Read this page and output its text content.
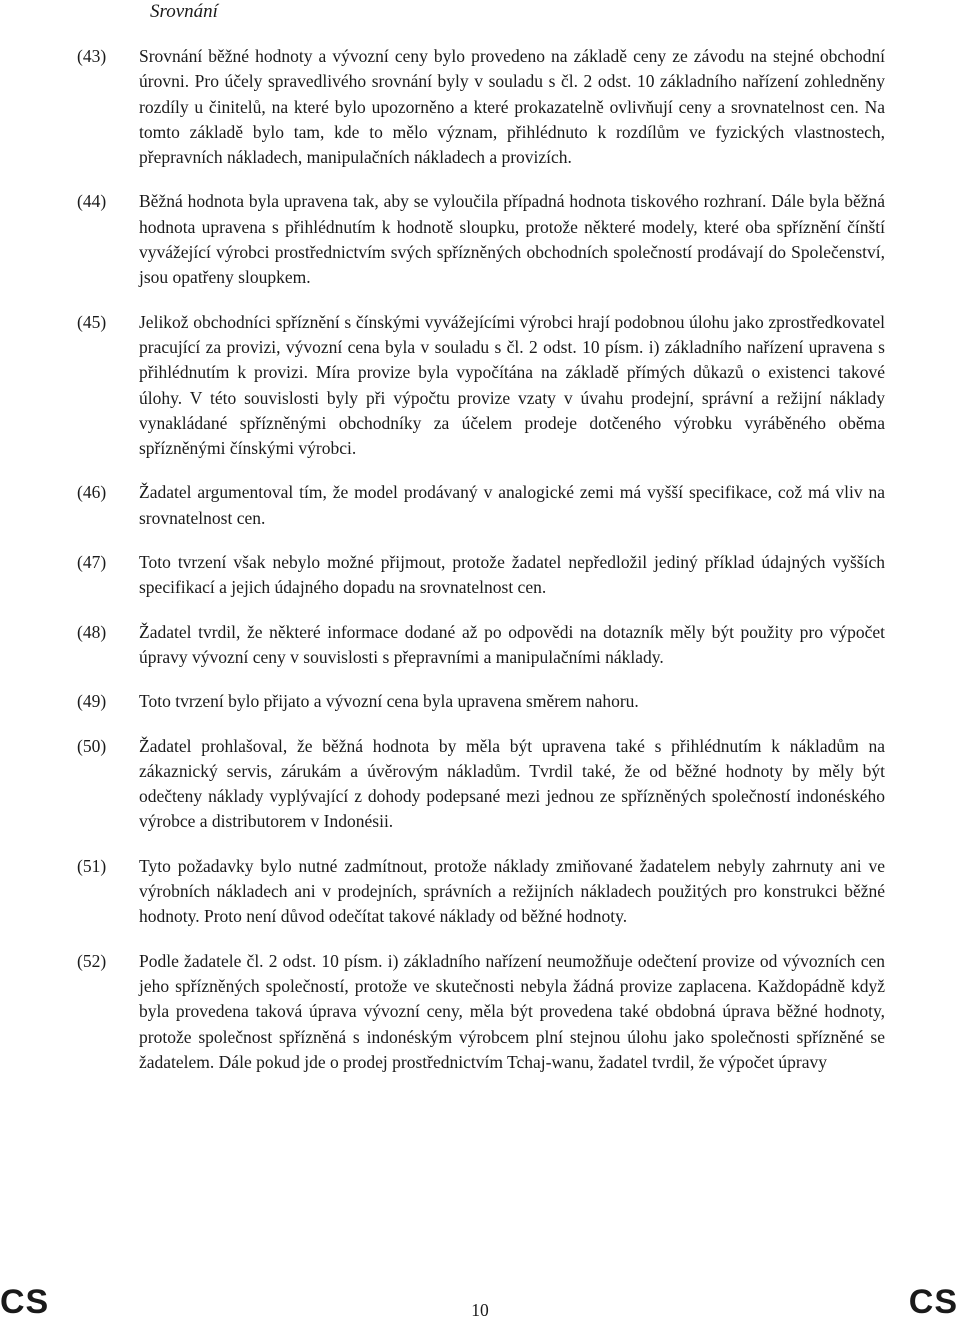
Srovnání
(43) Srovnání běžné hodnoty a vývozní ceny bylo provedeno na základě ceny ze závodu na stejné obchodní úrovni. Pro účely spravedlivého srovnání byly v souladu s čl. 2 odst. 10 základního nařízení zohledněny rozdíly u činitelů, na které bylo upozorněno a které prokazatelně ovlivňují ceny a srovnatelnost cen. Na tomto základě bylo tam, kde to mělo význam, přihlédnuto k rozdílům ve fyzických vlastnostech, přepravních nákladech, manipulačních nákladech a provizích.
(44) Běžná hodnota byla upravena tak, aby se vyloučila případná hodnota tiskového rozhraní. Dále byla běžná hodnota upravena s přihlédnutím k hodnotě sloupku, protože některé modely, které oba spříznění čínští vyvážející výrobci prostřednictvím svých spřízněných obchodních společností prodávají do Společenství, jsou opatřeny sloupkem.
(45) Jelikož obchodníci spříznění s čínskými vyvážejícími výrobci hrají podobnou úlohu jako zprostředkovatel pracující za provizi, vývozní cena byla v souladu s čl. 2 odst. 10 písm. i) základního nařízení upravena s přihlédnutím k provizi. Míra provize byla vypočítána na základě přímých důkazů o existenci takové úlohy. V této souvislosti byly při výpočtu provize vzaty v úvahu prodejní, správní a režijní náklady vynakládané spřízněnými obchodníky za účelem prodeje dotčeného výrobku vyráběného oběma spřízněnými čínskými výrobci.
(46) Žadatel argumentoval tím, že model prodávaný v analogické zemi má vyšší specifikace, což má vliv na srovnatelnost cen.
(47) Toto tvrzení však nebylo možné přijmout, protože žadatel nepředložil jediný příklad údajných vyšších specifikací a jejich údajného dopadu na srovnatelnost cen.
(48) Žadatel tvrdil, že některé informace dodané až po odpovědi na dotazník měly být použity pro výpočet úpravy vývozní ceny v souvislosti s přepravními a manipulačními náklady.
(49) Toto tvrzení bylo přijato a vývozní cena byla upravena směrem nahoru.
(50) Žadatel prohlašoval, že běžná hodnota by měla být upravena také s přihlédnutím k nákladům na zákaznický servis, zárukám a úvěrovým nákladům. Tvrdil také, že od běžné hodnoty by měly být odečteny náklady vyplývající z dohody podepsané mezi jednou ze spřízněných společností indonéského výrobce a distributorem v Indonésii.
(51) Tyto požadavky bylo nutné zadmítnout, protože náklady zmiňované žadatelem nebyly zahrnuty ani ve výrobních nákladech ani v prodejních, správních a režijních nákladech použitých pro konstrukci běžné hodnoty. Proto není důvod odečítat takové náklady od běžné hodnoty.
(52) Podle žadatele čl. 2 odst. 10 písm. i) základního nařízení neumožňuje odečtení provize od vývozních cen jeho spřízněných společností, protože ve skutečnosti nebyla žádná provize zaplacena. Každopádně když byla provedena taková úprava vývozní ceny, měla být provedena také obdobná úprava běžné hodnoty, protože společnost spřízněná s indonéským výrobcem plní stejnou úlohu jako společnosti spřízněné se žadatelem. Dále pokud jde o prodej prostřednictvím Tchaj-wanu, žadatel tvrdil, že výpočet úpravy
CS	10	CS
